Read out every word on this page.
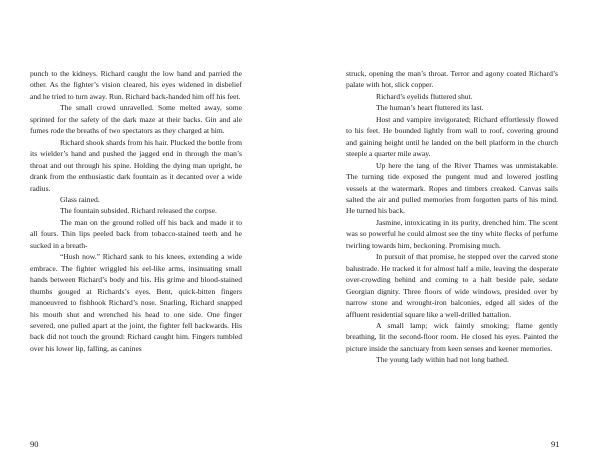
punch to the kidneys. Richard caught the low hand and parried the other. As the fighter’s vision cleared, his eyes widened in disbelief and he tried to turn away. Run. Richard back-handed him off his feet.

The small crowd unravelled. Some melted away, some sprinted for the safety of the dark maze at their backs. Gin and ale fumes rode the breaths of two spectators as they charged at him.

Richard shook shards from his hair. Plucked the bottle from its wielder’s hand and pushed the jagged end in through the man’s throat and out through his spine. Holding the dying man upright, he drank from the enthusiastic dark fountain as it decanted over a wide radius.

Glass rained.

The fountain subsided. Richard released the corpse.

The man on the ground rolled off his back and made it to all fours. Thin lips peeled back from tobacco-stained teeth and he sucked in a breath-

“Hush now.” Richard sank to his knees, extending a wide embrace. The fighter wriggled his eel-like arms, insinuating small hands between Richard’s body and his. His grime and blood-stained thumbs gouged at Richards’s eyes. Bent, quick-bitten fingers manoeuvred to fishhook Richard’s nose. Snarling, Richard snapped his mouth shut and wrenched his head to one side. One finger severed, one pulled apart at the joint, the fighter fell backwards. His back did not touch the ground: Richard caught him. Fingers tumbled over his lower lip, falling, as canines

90

struck, opening the man’s throat. Terror and agony coated Richard’s palate with hot, slick copper.

Richard’s eyelids fluttered shut.

The human’s heart fluttered its last.

Host and vampire invigorated; Richard effortlessly flowed to his feet. He bounded lightly from wall to roof, covering ground and gaining height until he landed on the bell platform in the church steeple a quarter mile away.

Up here the tang of the River Thames was unmistakable. The turning tide exposed the pungent mud and lowered jostling vessels at the watermark. Ropes and timbers creaked. Canvas sails salted the air and pulled memories from forgotten parts of his mind. He turned his back.

Jasmine, intoxicating in its purity, drenched him. The scent was so powerful he could almost see the tiny white flecks of perfume twirling towards him, beckoning. Promising much.

In pursuit of that promise, he stepped over the carved stone balustrade. He tracked it for almost half a mile, leaving the desperate over-crowding behind and coming to a halt beside pale, sedate Georgian dignity. Three floors of wide windows, presided over by narrow stone and wrought-iron balconies, edged all sides of the affluent residential square like a well-drilled battalion.

A small lamp; wick faintly smoking; flame gently breathing, lit the second-floor room. He closed his eyes. Painted the picture inside the sanctuary from keen senses and keener memories.

The young lady within had not long bathed.

91
